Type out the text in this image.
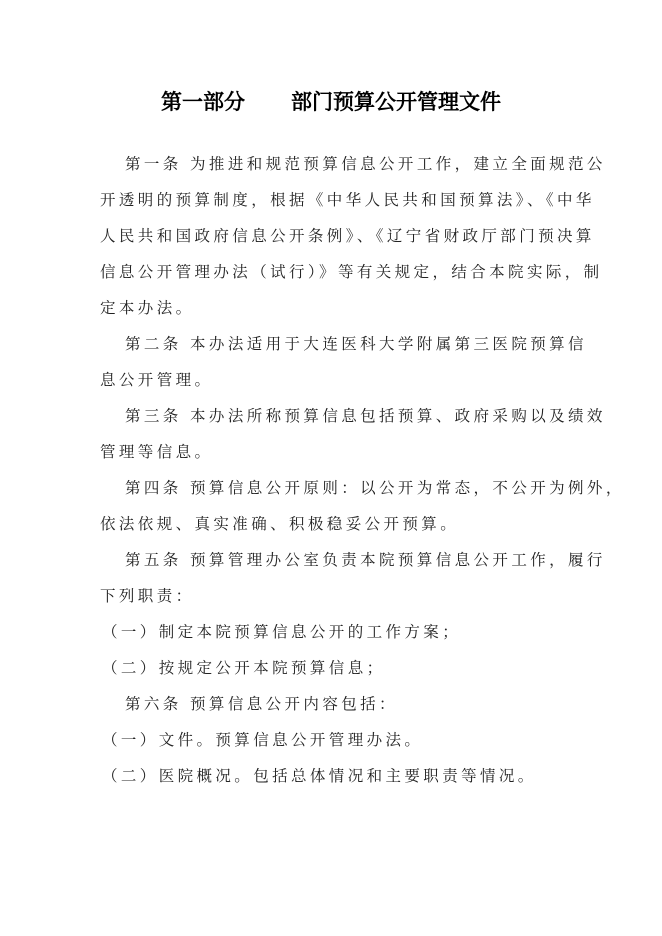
第一部分 部门预算公开管理文件
第一条 为推进和规范预算信息公开工作，建立全面规范公
开透明的预算制度，根据《中华人民共和国预算法》、《中华
人民共和国政府信息公开条例》、《辽宁省财政厅部门预决算
信息公开管理办法（试行）》等有关规定，结合本院实际，制
定本办法。
第二条 本办法适用于大连医科大学附属第三医院预算信
息公开管理。
第三条 本办法所称预算信息包括预算、政府采购以及绩效
管理等信息。
第四条 预算信息公开原则：以公开为常态，不公开为例外，
依法依规、真实准确、积极稳妥公开预算。
第五条 预算管理办公室负责本院预算信息公开工作，履行
下列职责：
（一）制定本院预算信息公开的工作方案；
（二）按规定公开本院预算信息；
第六条 预算信息公开内容包括：
（一）文件。预算信息公开管理办法。
（二）医院概况。包括总体情况和主要职责等情况。
